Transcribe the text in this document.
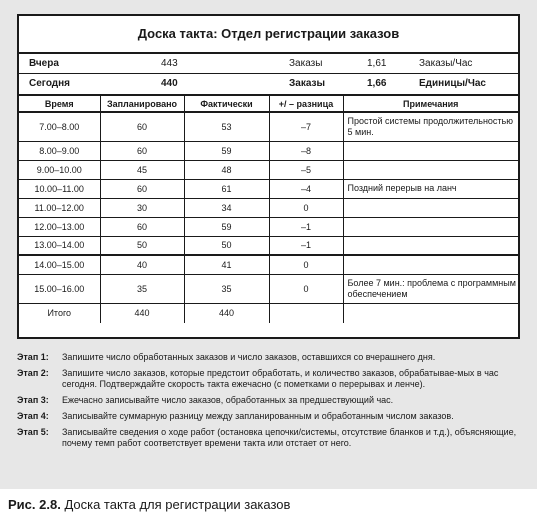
Доска такта: Отдел регистрации заказов
Вчера	443	Заказы	1,61	Заказы/Час
Сегодня	440	Заказы	1,66	Единицы/Час
Время	Запланировано	Фактически	+/ – разница	Примечания
7.00–8.00	60	53	–7	Простой системы продолжительностью 5 мин.
8.00–9.00	60	59	–8	
9.00–10.00	45	48	–5	
10.00–11.00	60	61	–4	Поздний перерыв на ланч
11.00–12.00	30	34	0	
12.00–13.00	60	59	–1	
13.00–14.00	50	50	–1	
14.00–15.00	40	41	0	
15.00–16.00	35	35	0	Более 7 мин.: проблема с программным обеспечением
Итого	440	440		
Этап 1: Запишите число обработанных заказов и число заказов, оставшихся со вчерашнего дня.
Этап 2: Запишите число заказов, которые предстоит обработать, и количество заказов, обрабатывае-мых в час сегодня. Подтверждайте скорость такта ежечасно (с пометками о перерывах и ленче).
Этап 3: Ежечасно записывайте число заказов, обработанных за предшествующий час.
Этап 4: Записывайте суммарную разницу между запланированным и обработанным числом заказов.
Этап 5: Записывайте сведения о ходе работ (остановка цепочки/системы, отсутствие бланков и т.д.), объясняющие, почему темп работ соответствует времени такта или отстает от него.
Рис. 2.8. Доска такта для регистрации заказов
